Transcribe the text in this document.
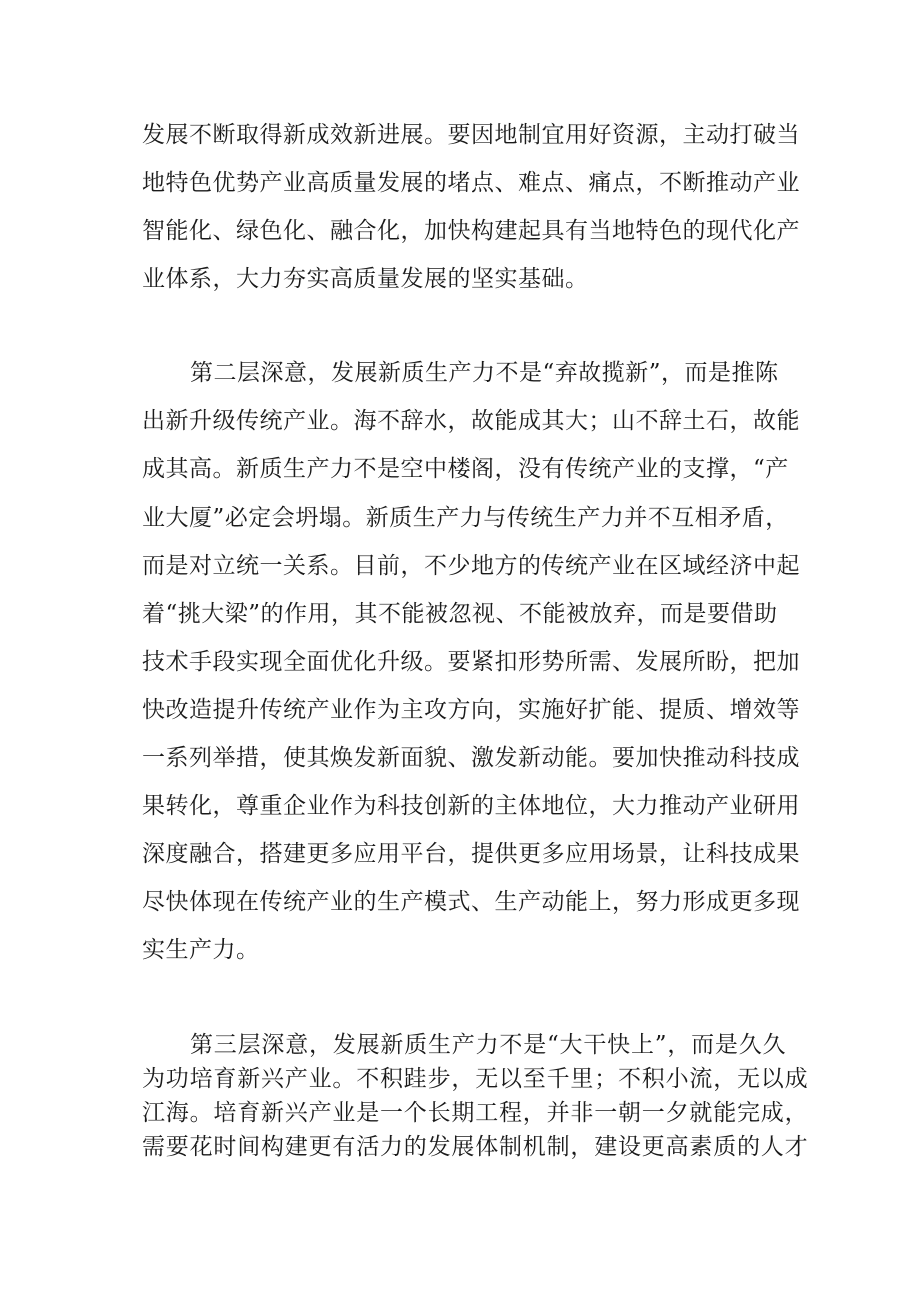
发展不断取得新成效新进展。要因地制宜用好资源，主动打破当

地特色优势产业高质量发展的堵点、难点、痛点，不断推动产业

智能化、绿色化、融合化，加快构建起具有当地特色的现代化产

业体系，大力夯实高质量发展的坚实基础。

第二层深意，发展新质生产力不是“弃故揽新”，而是推陈

出新升级传统产业。海不辞水，故能成其大；山不辞土石，故能

成其高。新质生产力不是空中楼阁，没有传统产业的支撑，“产

业大厦”必定会坍塌。新质生产力与传统生产力并不互相矛盾，

而是对立统一关系。目前，不少地方的传统产业在区域经济中起

着“挑大梁”的作用，其不能被忽视、不能被放弃，而是要借助

技术手段实现全面优化升级。要紧扣形势所需、发展所盼，把加

快改造提升传统产业作为主攻方向，实施好扩能、提质、增效等

一系列举措，使其焕发新面貌、激发新动能。要加快推动科技成

果转化，尊重企业作为科技创新的主体地位，大力推动产业研用

深度融合，搭建更多应用平台，提供更多应用场景，让科技成果

尽快体现在传统产业的生产模式、生产动能上，努力形成更多现

实生产力。

第三层深意，发展新质生产力不是“大干快上”，而是久久

为功培育新兴产业。不积跬步，无以至千里；不积小流，无以成

江海。培育新兴产业是一个长期工程，并非一朝一夕就能完成，

需要花时间构建更有活力的发展体制机制，建设更高素质的人才
